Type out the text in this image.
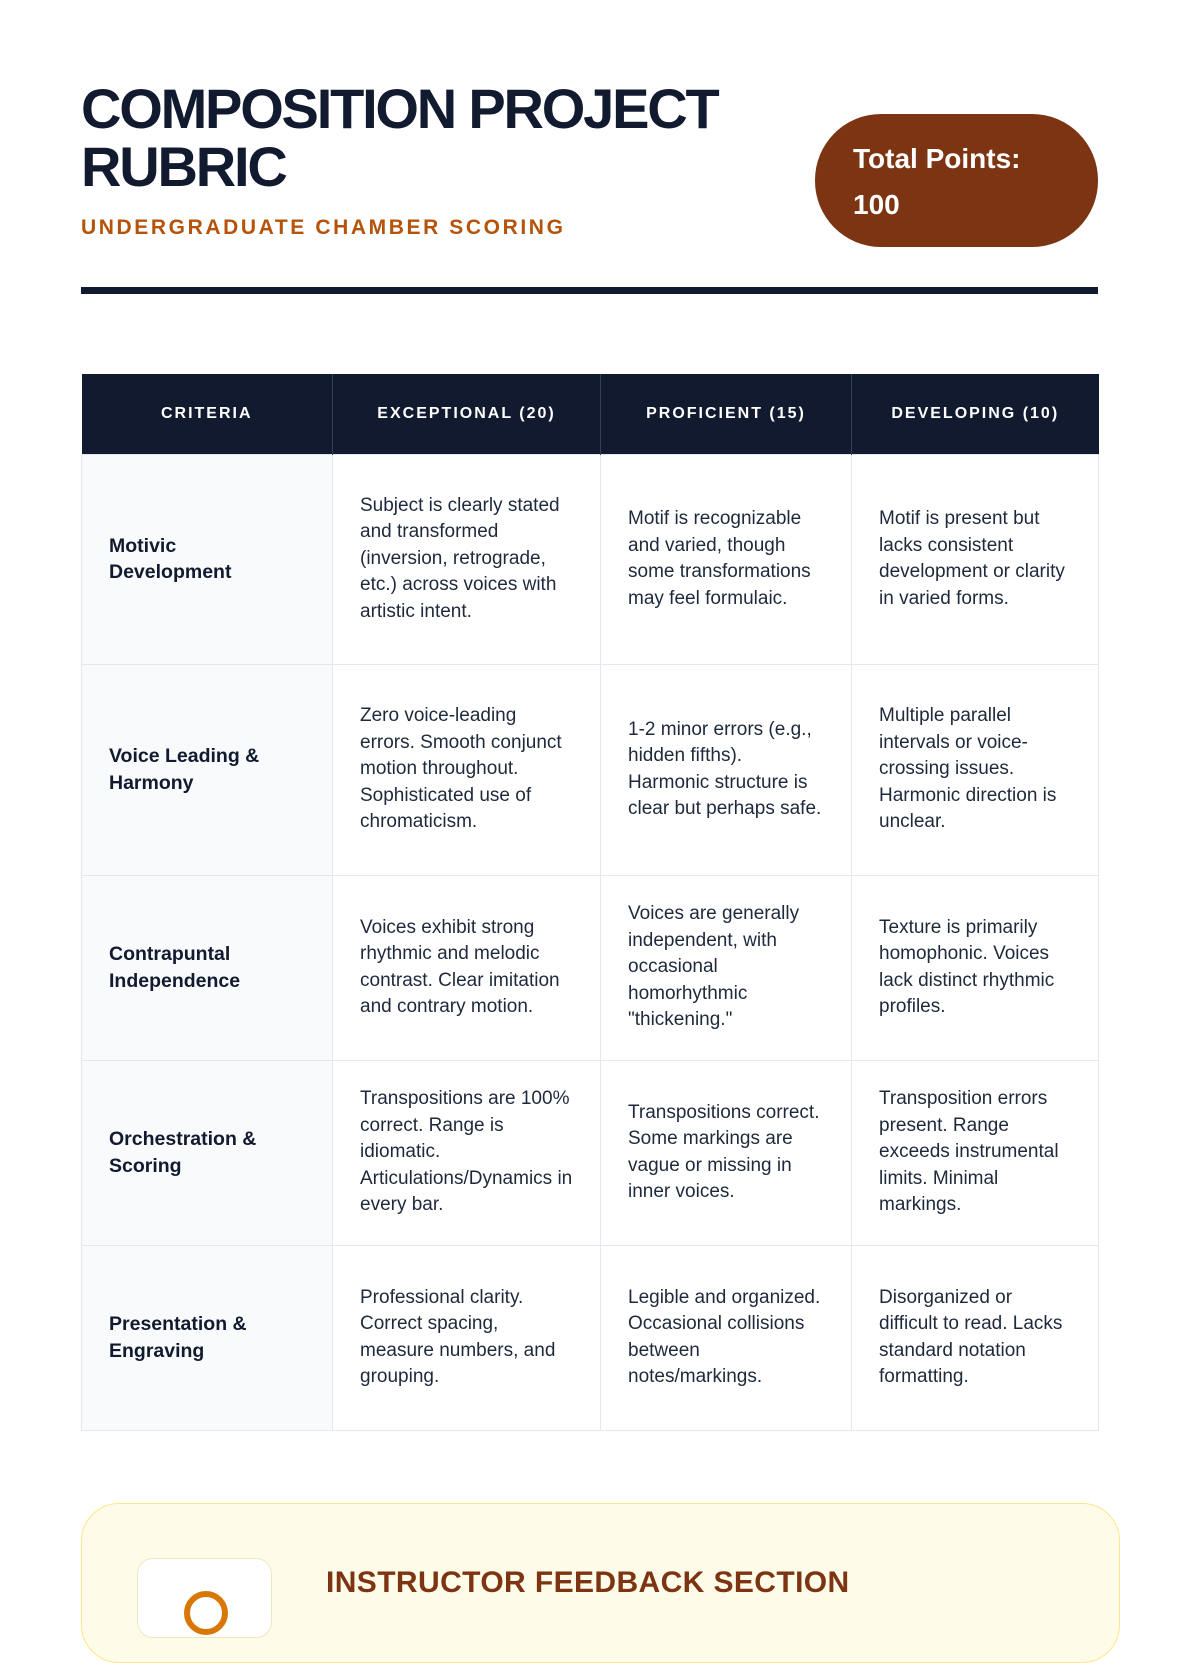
COMPOSITION PROJECT RUBRIC
UNDERGRADUATE CHAMBER SCORING
Total Points:
100
CRITERIA	EXCEPTIONAL (20)	PROFICIENT (15)	DEVELOPING (10)
Motivic Development	Subject is clearly stated and transformed (inversion, retrograde, etc.) across voices with artistic intent.	Motif is recognizable and varied, though some transformations may feel formulaic.	Motif is present but lacks consistent development or clarity in varied forms.
Voice Leading & Harmony	Zero voice-leading errors. Smooth conjunct motion throughout. Sophisticated use of chromaticism.	1-2 minor errors (e.g., hidden fifths). Harmonic structure is clear but perhaps safe.	Multiple parallel intervals or voice-crossing issues. Harmonic direction is unclear.
Contrapuntal Independence	Voices exhibit strong rhythmic and melodic contrast. Clear imitation and contrary motion.	Voices are generally independent, with occasional homorhythmic "thickening."	Texture is primarily homophonic. Voices lack distinct rhythmic profiles.
Orchestration & Scoring	Transpositions are 100% correct. Range is idiomatic. Articulations/Dynamics in every bar.	Transpositions correct. Some markings are vague or missing in inner voices.	Transposition errors present. Range exceeds instrumental limits. Minimal markings.
Presentation & Engraving	Professional clarity. Correct spacing, measure numbers, and grouping.	Legible and organized. Occasional collisions between notes/markings.	Disorganized or difficult to read. Lacks standard notation formatting.
INSTRUCTOR FEEDBACK SECTION
